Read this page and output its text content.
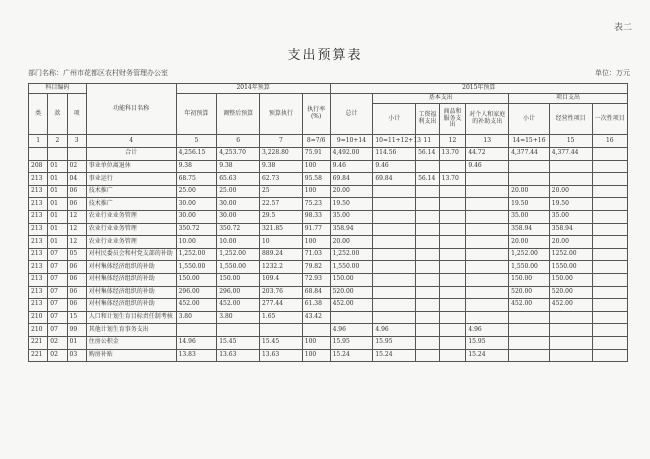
表二
支出预算表
部门名称：广州市花都区农村财务管理办公室	单位：万元
科目编码			功能科目名称	2014年预算				2015年预算							
类	款	项		年初预算	调整后预算	预算执行	执行率(%)	总计	基本支出				项目支出		
									小计	工资福利支出	商品和服务支出	对个人和家庭的补助支出	小计	经营性项目	一次性项目
1	2	3	4	5	6	7	8=7/6	9=10+14	10=11+12+13	11	12	13	14=15+16	15	16
			合计	4,256.15	4,253.70	3,228.80	75.91	4,492.00	114.56	56.14	13.70	44.72	4,377.44	4,377.44	
208	01	02	事业单位离退休	9.38	9.38	9.38	100	9.46	9.46			9.46			
213	01	04	事业运行	68.75	65.63	62.73	95.58	69.84	69.84	56.14	13.70				
213	01	06	技术推广	25.00	25.00	25	100	20.00					20.00	20.00	
213	01	06	技术推广	30.00	30.00	22.57	75.23	19.50					19.50	19.50	
213	01	12	农业行业业务管理	30.00	30.00	29.5	98.33	35.00					35.00	35.00	
213	01	12	农业行业业务管理	350.72	350.72	321.85	91.77	358.94					358.94	358.94	
213	01	12	农业行业业务管理	10.00	10.00	10	100	20.00					20.00	20.00	
213	07	05	对村民委员会和村党支部的补助	1,252.00	1,252.00	889.24	71.03	1,252.00					1,252.00	1252.00	
213	07	06	对村集体经济组织的补助	1,550.00	1,550.00	1232.2	79.82	1,550.00					1,550.00	1550.00	
213	07	06	对村集体经济组织的补助	150.00	150.00	109.4	72.93	150.00					150.00	150.00	
213	07	06	对村集体经济组织的补助	296.00	296.00	203.76	68.84	520.00					520.00	520.00	
213	07	06	对村集体经济组织的补助	452.00	452.00	277.44	61.38	452.00					452.00	452.00	
210	07	15	人口和计划生育目标责任制考核	3.80	3.80	1.65	43.42								
210	07	99	其他计划生育事务支出					4.96	4.96			4.96			
221	02	01	住房公积金	14.96	15.45	15.45	100	15.95	15.95			15.95			
221	02	03	购房补贴	13.83	13.63	13.63	100	15.24	15.24			15.24			
